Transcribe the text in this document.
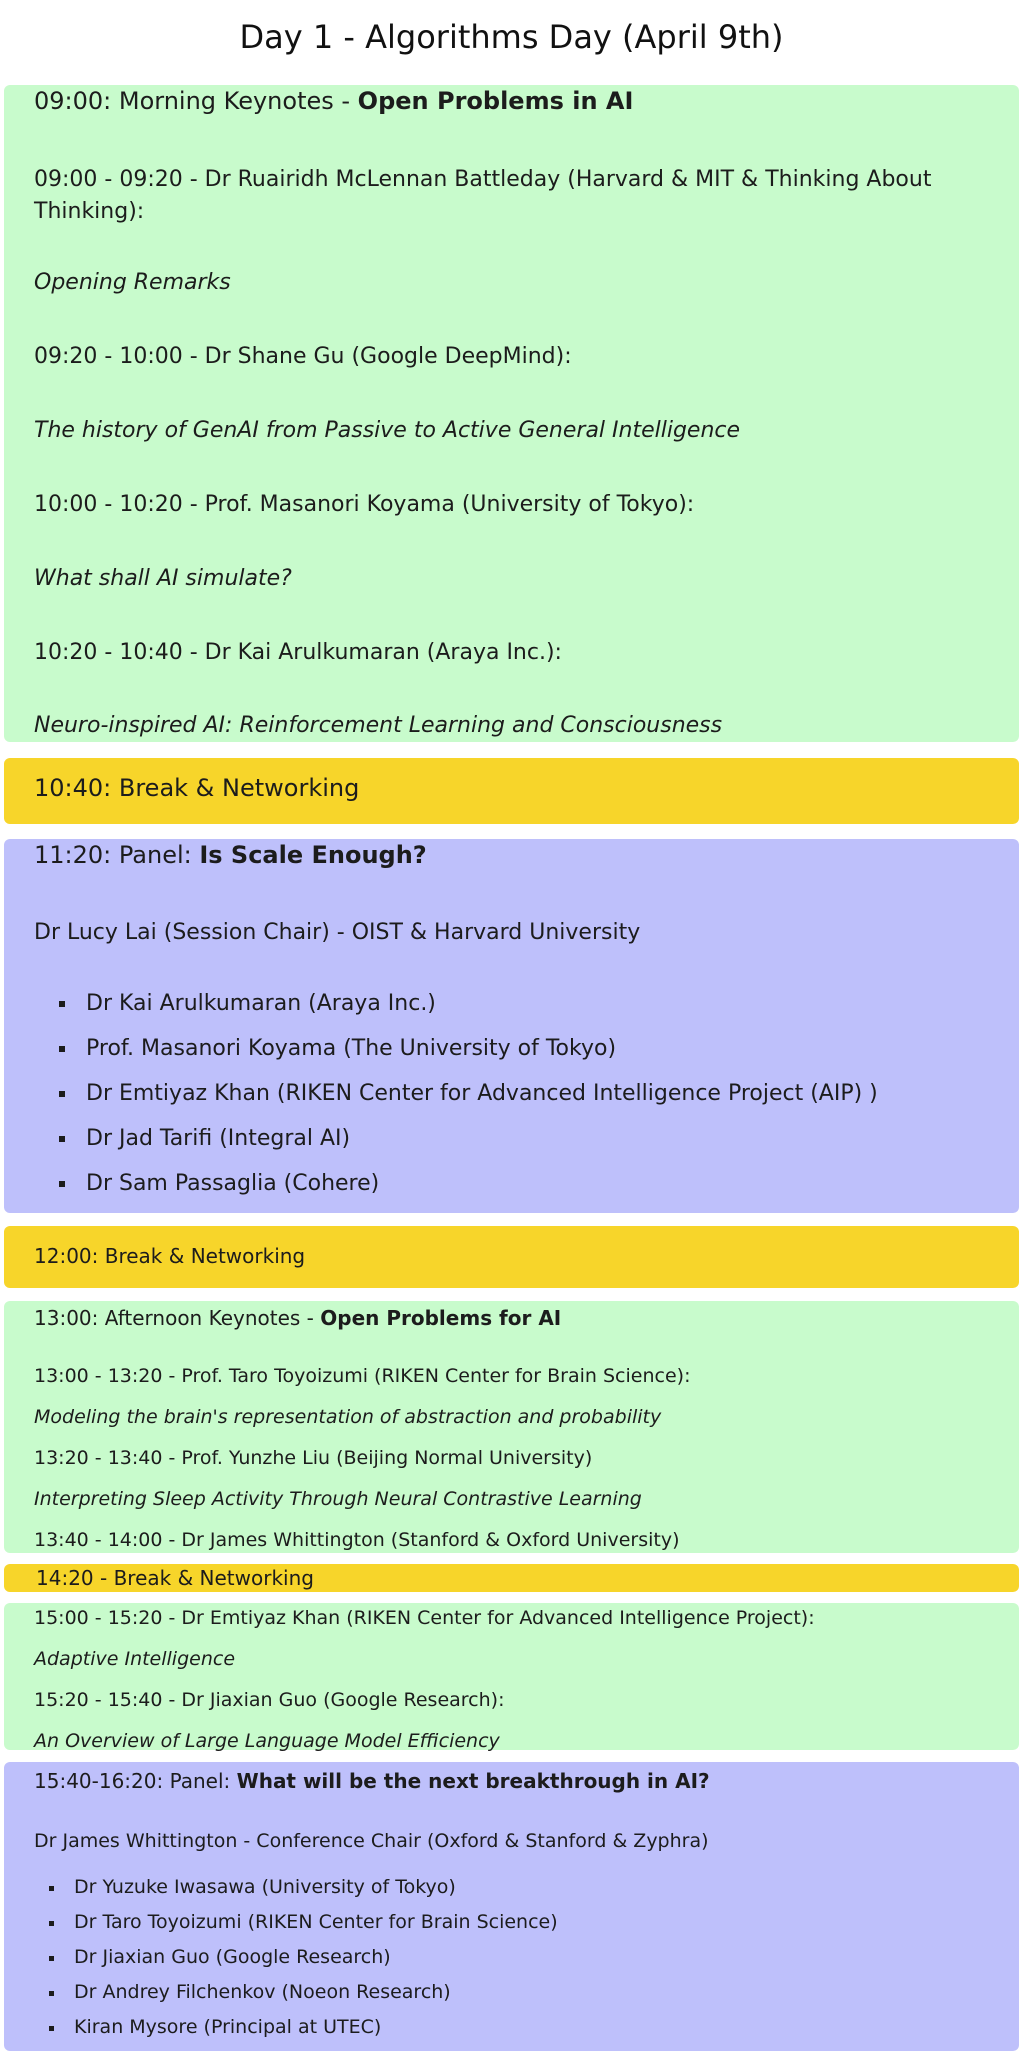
Day 1 - Algorithms Day (April 9th)
09:00: Morning Keynotes - Open Problems in AI
09:00 - 09:20 - Dr Ruairidh McLennan Battleday (Harvard & MIT & Thinking About Thinking):
Opening Remarks
09:20 - 10:00 - Dr Shane Gu (Google DeepMind):
The history of GenAI from Passive to Active General Intelligence
10:00 - 10:20 - Prof. Masanori Koyama (University of Tokyo):
What shall AI simulate?
10:20 - 10:40 - Dr Kai Arulkumaran (Araya Inc.):
Neuro-inspired AI: Reinforcement Learning and Consciousness
10:40: Break & Networking
11:20: Panel: Is Scale Enough?
Dr Lucy Lai (Session Chair) - OIST & Harvard University
Dr Kai Arulkumaran (Araya Inc.)
Prof. Masanori Koyama (The University of Tokyo)
Dr Emtiyaz Khan (RIKEN Center for Advanced Intelligence Project (AIP) )
Dr Jad Tarifi (Integral AI)
Dr Sam Passaglia (Cohere)
12:00: Break & Networking
13:00: Afternoon Keynotes - Open Problems for AI
13:00 - 13:20 - Prof. Taro Toyoizumi (RIKEN Center for Brain Science):
Modeling the brain's representation of abstraction and probability
13:20 - 13:40 - Prof. Yunzhe Liu (Beijing Normal University)
Interpreting Sleep Activity Through Neural Contrastive Learning
13:40 - 14:00 - Dr James Whittington (Stanford & Oxford University)
14:20 - Break & Networking
15:00 - 15:20 - Dr Emtiyaz Khan (RIKEN Center for Advanced Intelligence Project):
Adaptive Intelligence
15:20 - 15:40 - Dr Jiaxian Guo (Google Research):
An Overview of Large Language Model Efficiency
15:40-16:20: Panel: What will be the next breakthrough in AI?
Dr James Whittington - Conference Chair (Oxford & Stanford & Zyphra)
Dr Yuzuke Iwasawa (University of Tokyo)
Dr Taro Toyoizumi (RIKEN Center for Brain Science)
Dr Jiaxian Guo (Google Research)
Dr Andrey Filchenkov (Noeon Research)
Kiran Mysore (Principal at UTEC)
